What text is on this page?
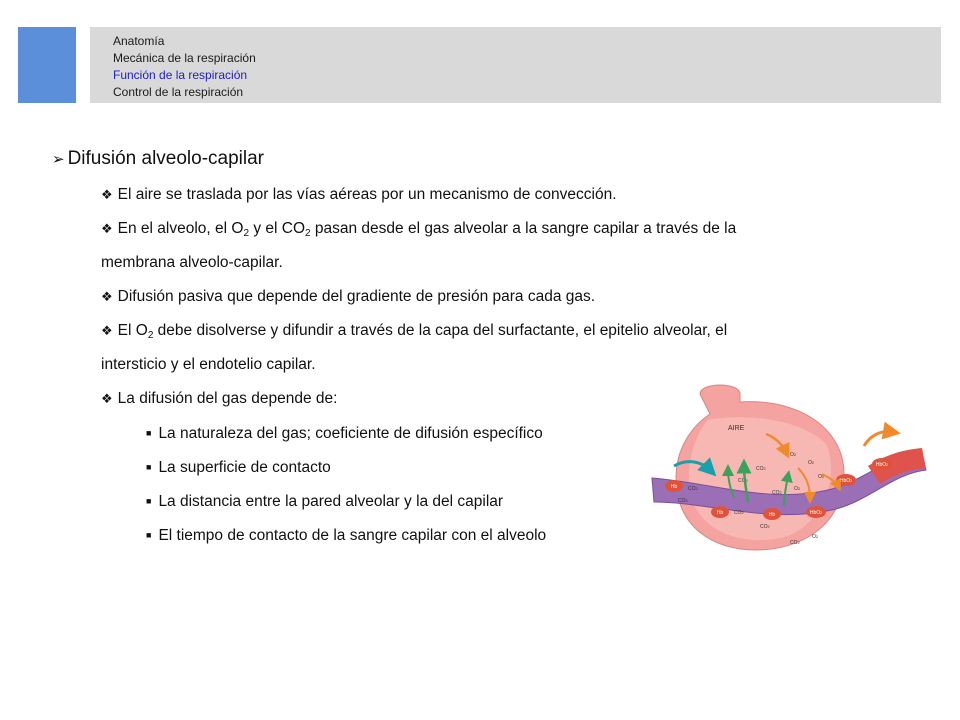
Anatomía
Mecánica de la respiración
Función de la respiración
Control de la respiración
➢ Difusión alveolo-capilar
❖ El aire se traslada por las vías aéreas por un mecanismo de convección.
❖ En el alveolo, el $O_2$ y el $CO_2$ pasan desde el gas alveolar a la sangre capilar a través de la
membrana alveolo-capilar.
❖ Difusión pasiva que depende del gradiente de presión para cada gas.
❖ El $O_2$ debe disolverse y difundir a través de la capa del surfactante, el epitelio alveolar, el
intersticio y el endotelio capilar.
❖ La difusión del gas depende de:
■ La naturaleza del gas; coeficiente de difusión específico
■ La superficie de contacto
■ La distancia entre la pared alveolar y la del capilar
■ El tiempo de contacto de la sangre capilar con el alveolo
AIRE
CO2
CO2
CO2
CO2
CO2
CO2
CO2
CO2
O2
O2
O2
O2
O2
Hb
Hb	Hb	HbO2
HbO2
HbO2
